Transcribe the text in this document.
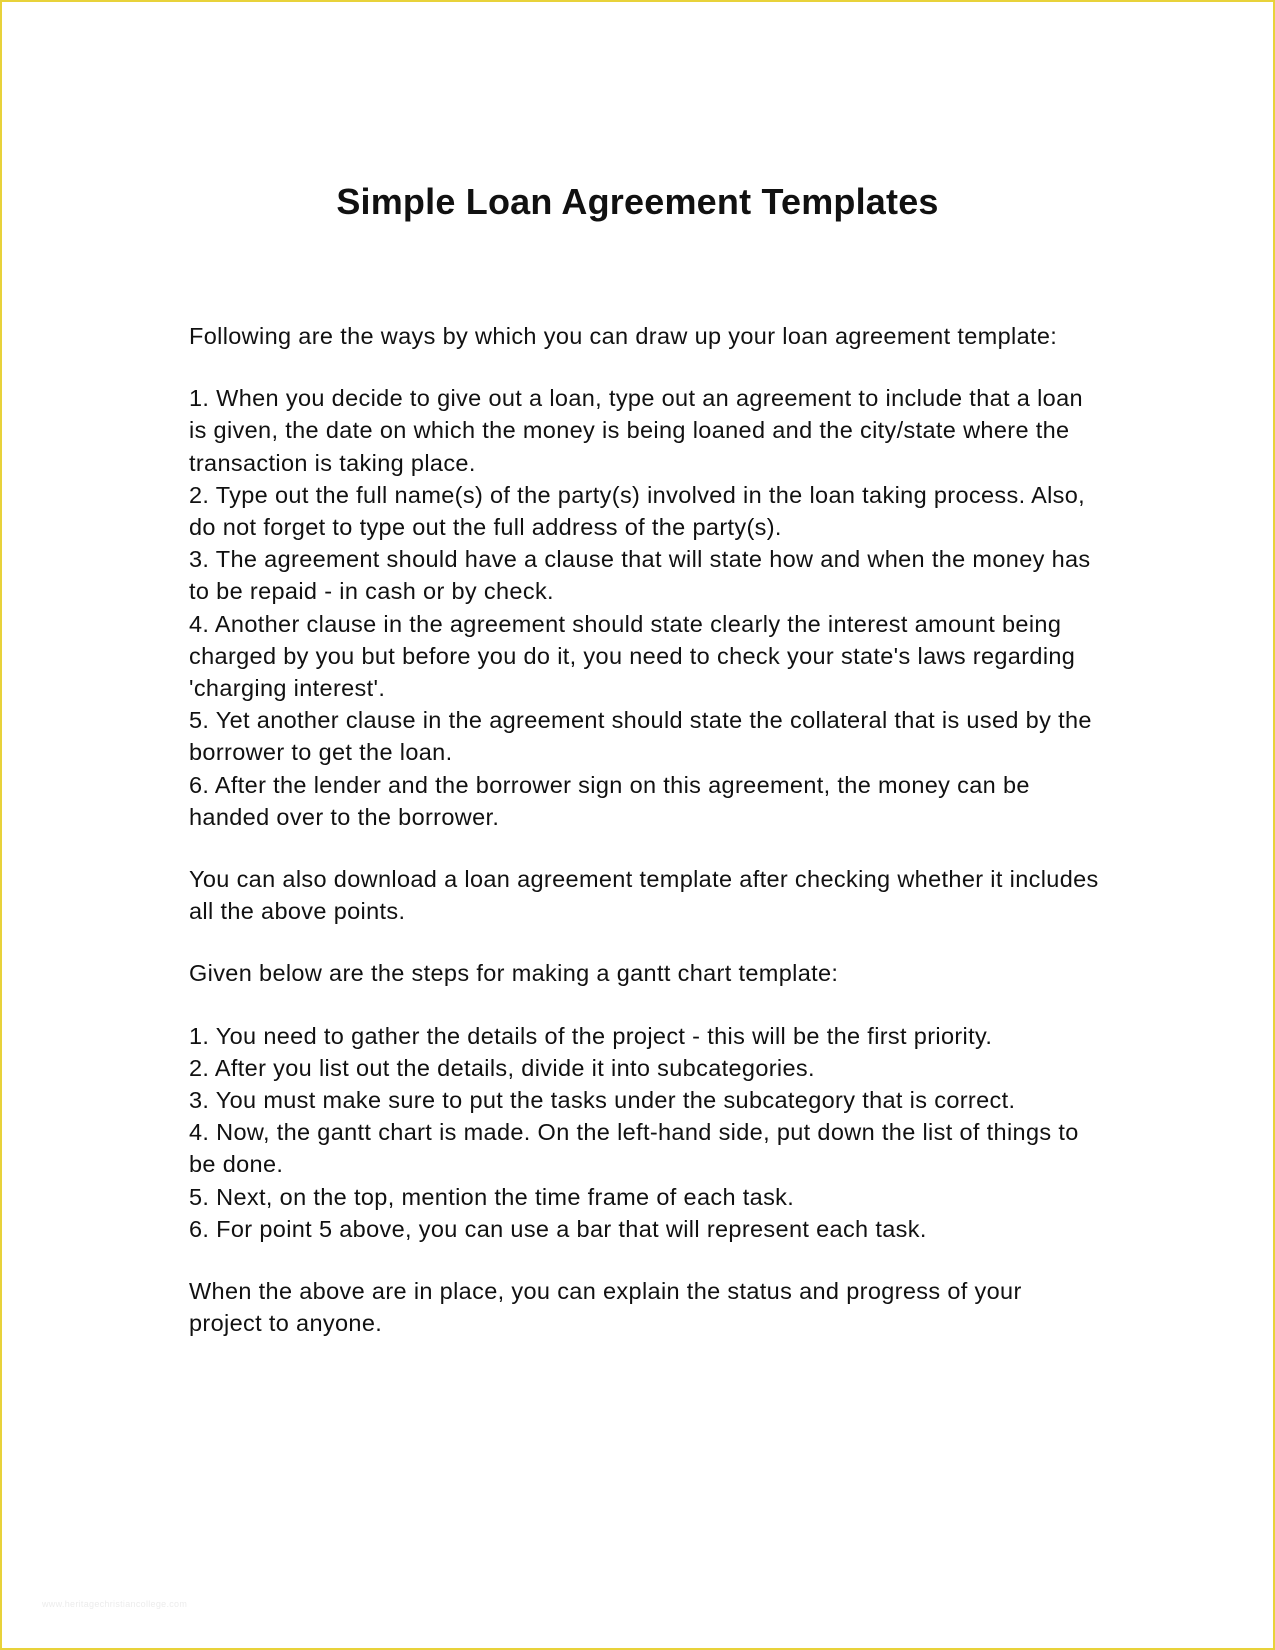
Simple Loan Agreement Templates

Following are the ways by which you can draw up your loan agreement template:

1. When you decide to give out a loan, type out an agreement to include that a loan is given, the date on which the money is being loaned and the city/state where the transaction is taking place.
2. Type out the full name(s) of the party(s) involved in the loan taking process. Also, do not forget to type out the full address of the party(s).
3. The agreement should have a clause that will state how and when the money has to be repaid - in cash or by check.
4. Another clause in the agreement should state clearly the interest amount being charged by you but before you do it, you need to check your state's laws regarding 'charging interest'.
5. Yet another clause in the agreement should state the collateral that is used by the borrower to get the loan.
6. After the lender and the borrower sign on this agreement, the money can be handed over to the borrower.

You can also download a loan agreement template after checking whether it includes all the above points.

Given below are the steps for making a gantt chart template:

1. You need to gather the details of the project - this will be the first priority.
2. After you list out the details, divide it into subcategories.
3. You must make sure to put the tasks under the subcategory that is correct.
4. Now, the gantt chart is made. On the left-hand side, put down the list of things to be done.
5. Next, on the top, mention the time frame of each task.
6. For point 5 above, you can use a bar that will represent each task.

When the above are in place, you can explain the status and progress of your project to anyone.

www.heritagechristiancollege.com
